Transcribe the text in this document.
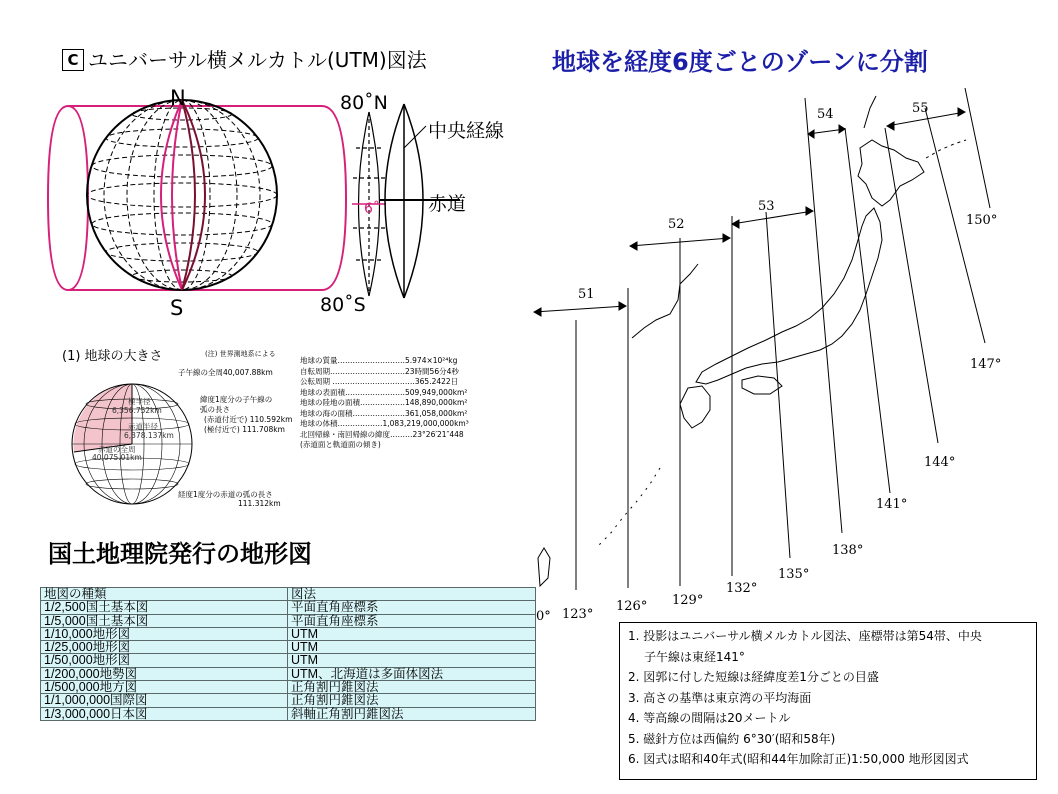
C ユニバーサル横メルカトル(UTM)図法
N
S
80˚N
80˚S
6˚
中央経線
赤道
地球を経度6度ごとのゾーンに分割
(1) 地球の大きさ	(注) 世界測地系による
極半径
6,356.752km
赤道半径
6,378.137km
赤道の全周
40,075.01km
子午線の全周40,007.88km
緯度1度分の子午線の
弧の長さ
(赤道付近で) 110.592km
(極付近で) 111.708km
経度1度分の赤道の弧の長さ
111.312km
地球の質量………………………5.974×10²⁴kg
自転周期…………………………23時間56分4秒
公転周期 ……………………………365.2422日
地球の表面積……………………509,949,000km²
地球の陸地の面積………………148,890,000km²
地球の海の面積…………………361,058,000km²
地球の体積………………1,083,219,000,000km³
北回帰線・南回帰線の緯度………23°26′21″448
(赤道面と軌道面の傾き)
国土地理院発行の地形図
地図の種類	図法
1/2,500国土基本図	平面直角座標系
1/5,000国土基本図	平面直角座標系
1/10,000地形図	UTM
1/25,000地形図	UTM
1/50,000地形図	UTM
1/200,000地勢図	UTM、北海道は多面体図法
1/500,000地方図	正角割円錐図法
1/1,000,000国際図	正角割円錐図法
1/3,000,000日本図	斜軸正角割円錐図法
51
52
53
54	55
0° 123°
126° 129°
132°
135°
138°
141°
144°
147°
150°
1. 投影はユニバーサル横メルカトル図法、座標帯は第54帯、中央
子午線は東経141°
2. 図郭に付した短線は経緯度差1分ごとの目盛
3. 高さの基準は東京湾の平均海面
4. 等高線の間隔は20メートル
5. 磁針方位は西偏約 6°30′(昭和58年)
6. 図式は昭和40年式(昭和44年加除訂正)1:50,000 地形図図式
